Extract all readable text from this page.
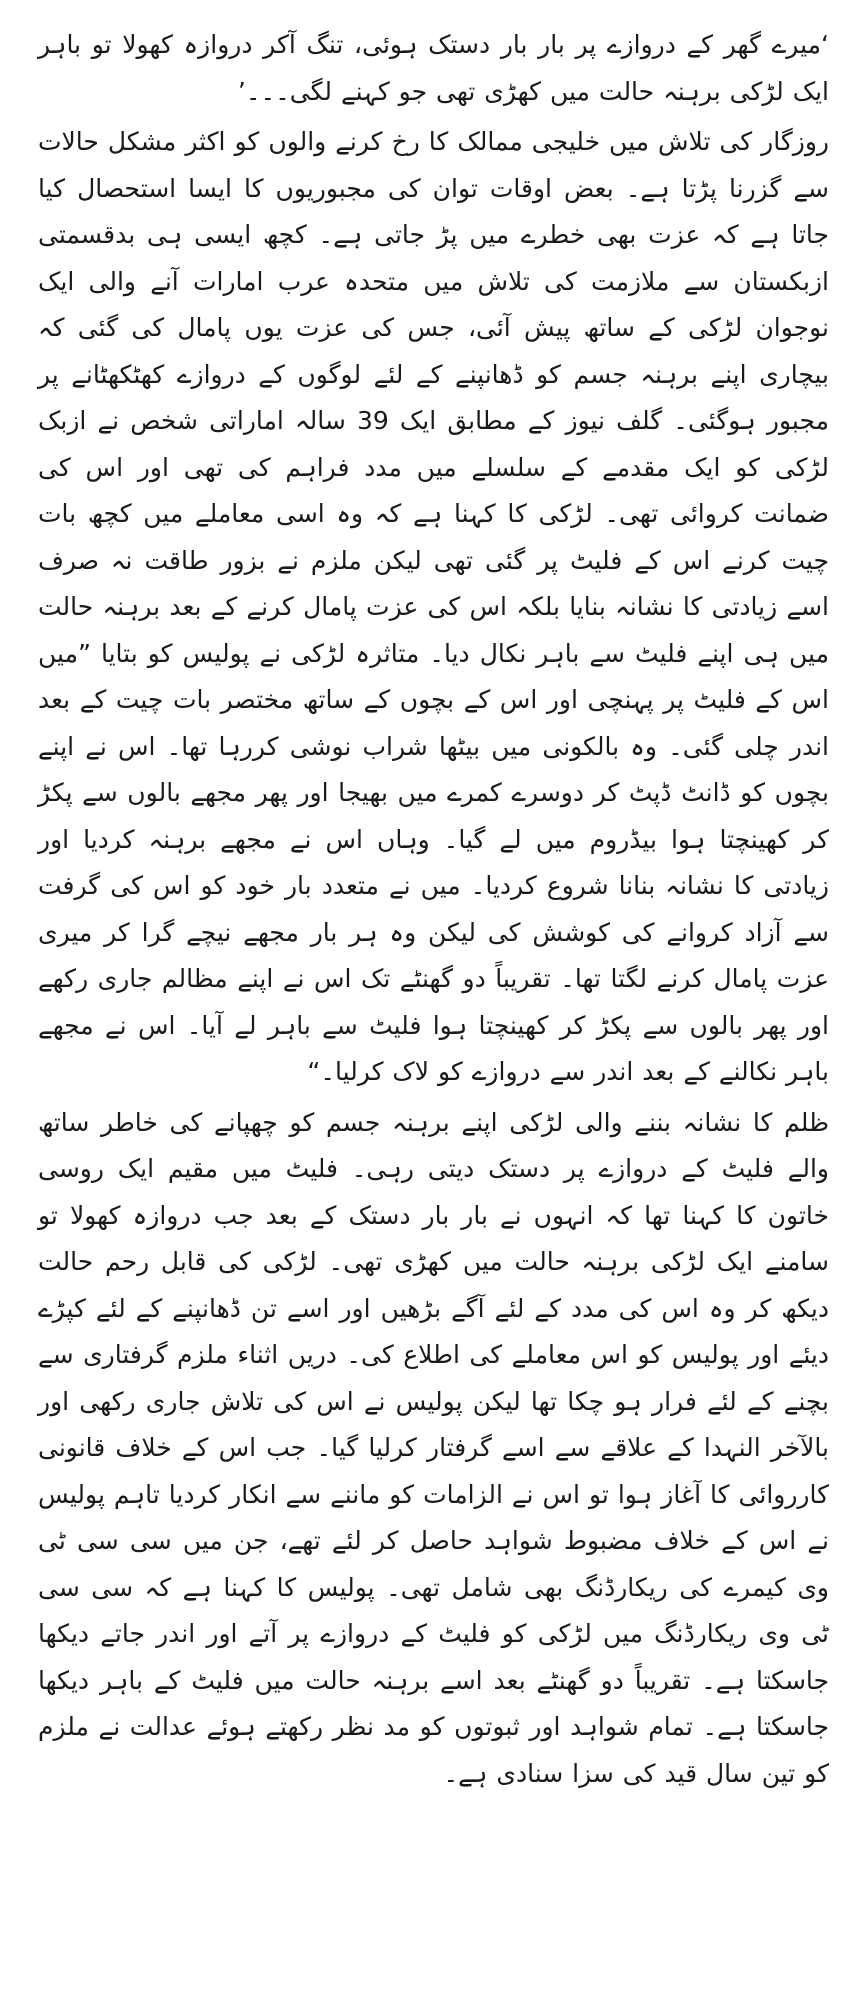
‘میرے گھر کے دروازے پر بار بار دستک ہوئی، تنگ آکر دروازہ کھولا تو باہر ایک لڑکی برہنہ حالت میں کھڑی تھی جو کہنے لگی۔۔۔’

روزگار کی تلاش میں خلیجی ممالک کا رخ کرنے والوں کو اکثر مشکل حالات سے گزرنا پڑتا ہے۔ بعض اوقات توان کی مجبوریوں کا ایسا استحصال کیا جاتا ہے کہ عزت بھی خطرے میں پڑ جاتی ہے۔ کچھ ایسی ہی بدقسمتی ازبکستان سے ملازمت کی تلاش میں متحدہ عرب امارات آنے والی ایک نوجوان لڑکی کے ساتھ پیش آئی، جس کی عزت یوں پامال کی گئی کہ بیچاری اپنے برہنہ جسم کو ڈھانپنے کے لئے لوگوں کے دروازے کھٹکھٹانے پر مجبور ہوگئی۔ گلف نیوز کے مطابق ایک 39 سالہ اماراتی شخص نے ازبک لڑکی کو ایک مقدمے کے سلسلے میں مدد فراہم کی تھی اور اس کی ضمانت کروائی تھی۔ لڑکی کا کہنا ہے کہ وہ اسی معاملے میں کچھ بات چیت کرنے اس کے فلیٹ پر گئی تھی لیکن ملزم نے بزور طاقت نہ صرف اسے زیادتی کا نشانہ بنایا بلکہ اس کی عزت پامال کرنے کے بعد برہنہ حالت میں ہی اپنے فلیٹ سے باہر نکال دیا۔ متاثرہ لڑکی نے پولیس کو بتایا ”میں اس کے فلیٹ پر پہنچی اور اس کے بچوں کے ساتھ مختصر بات چیت کے بعد اندر چلی گئی۔ وہ بالکونی میں بیٹھا شراب نوشی کررہا تھا۔ اس نے اپنے بچوں کو ڈانٹ ڈپٹ کر دوسرے کمرے میں بھیجا اور پھر مجھے بالوں سے پکڑ کر کھینچتا ہوا بیڈروم میں لے گیا۔ وہاں اس نے مجھے برہنہ کردیا اور زیادتی کا نشانہ بنانا شروع کردیا۔ میں نے متعدد بار خود کو اس کی گرفت سے آزاد کروانے کی کوشش کی لیکن وہ ہر بار مجھے نیچے گرا کر میری عزت پامال کرنے لگتا تھا۔ تقریباً دو گھنٹے تک اس نے اپنے مظالم جاری رکھے اور پھر بالوں سے پکڑ کر کھینچتا ہوا فلیٹ سے باہر لے آیا۔ اس نے مجھے باہر نکالنے کے بعد اندر سے دروازے کو لاک کرلیا۔“

ظلم کا نشانہ بننے والی لڑکی اپنے برہنہ جسم کو چھپانے کی خاطر ساتھ والے فلیٹ کے دروازے پر دستک دیتی رہی۔ فلیٹ میں مقیم ایک روسی خاتون کا کہنا تھا کہ انہوں نے بار بار دستک کے بعد جب دروازہ کھولا تو سامنے ایک لڑکی برہنہ حالت میں کھڑی تھی۔ لڑکی کی قابل رحم حالت دیکھ کر وہ اس کی مدد کے لئے آگے بڑھیں اور اسے تن ڈھانپنے کے لئے کپڑے دیئے اور پولیس کو اس معاملے کی اطلاع کی۔ دریں اثناء ملزم گرفتاری سے بچنے کے لئے فرار ہو چکا تھا لیکن پولیس نے اس کی تلاش جاری رکھی اور بالآخر النہدا کے علاقے سے اسے گرفتار کرلیا گیا۔ جب اس کے خلاف قانونی کارروائی کا آغاز ہوا تو اس نے الزامات کو ماننے سے انکار کردیا تاہم پولیس نے اس کے خلاف مضبوط شواہد حاصل کر لئے تھے، جن میں سی سی ٹی وی کیمرے کی ریکارڈنگ بھی شامل تھی۔ پولیس کا کہنا ہے کہ سی سی ٹی وی ریکارڈنگ میں لڑکی کو فلیٹ کے دروازے پر آتے اور اندر جاتے دیکھا جاسکتا ہے۔ تقریباً دو گھنٹے بعد اسے برہنہ حالت میں فلیٹ کے باہر دیکھا جاسکتا ہے۔ تمام شواہد اور ثبوتوں کو مد نظر رکھتے ہوئے عدالت نے ملزم کو تین سال قید کی سزا سنادی ہے۔
